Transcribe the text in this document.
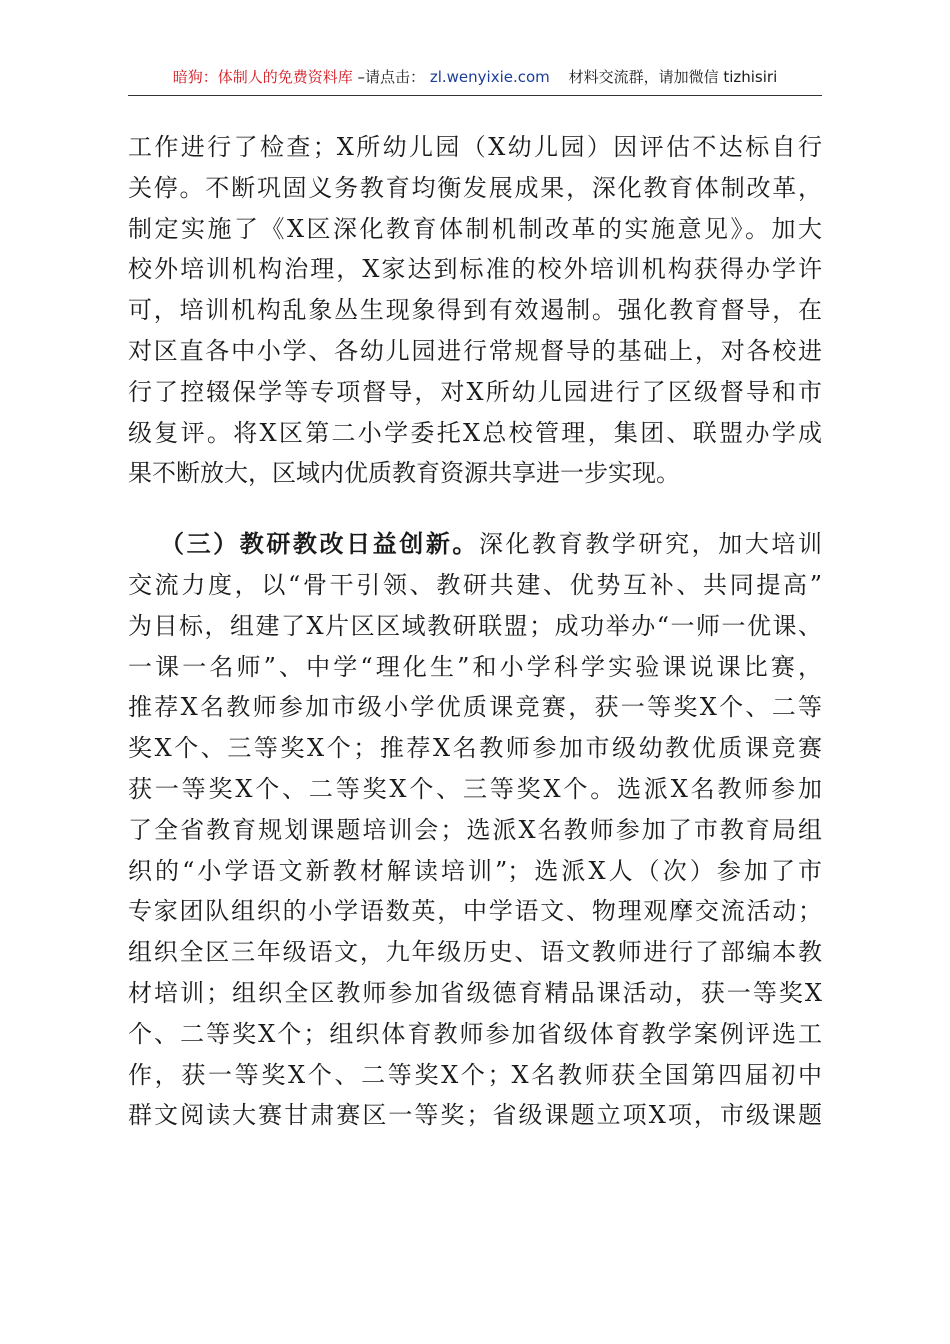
暗狗：体制人的免费资料库 –请点击： zl.wenyixie.com 材料交流群，请加微信 tizhisiri
工作进行了检查；X所幼儿园（X幼儿园）因评估不达标自行
关停。不断巩固义务教育均衡发展成果，深化教育体制改革，
制定实施了《X区深化教育体制机制改革的实施意见》。加大
校外培训机构治理，X家达到标准的校外培训机构获得办学许
可，培训机构乱象丛生现象得到有效遏制。强化教育督导，在
对区直各中小学、各幼儿园进行常规督导的基础上，对各校进
行了控辍保学等专项督导，对X所幼儿园进行了区级督导和市
级复评。将X区第二小学委托X总校管理，集团、联盟办学成
果不断放大，区域内优质教育资源共享进一步实现。
（三）教研教改日益创新。深化教育教学研究，加大培训
交流力度，以“骨干引领、教研共建、优势互补、共同提高”
为目标，组建了X片区区域教研联盟；成功举办“一师一优课、
一课一名师”、中学“理化生”和小学科学实验课说课比赛，
推荐X名教师参加市级小学优质课竞赛，获一等奖X个、二等
奖X个、三等奖X个；推荐X名教师参加市级幼教优质课竞赛
获一等奖X个、二等奖X个、三等奖X个。选派X名教师参加
了全省教育规划课题培训会；选派X名教师参加了市教育局组
织的“小学语文新教材解读培训”；选派X人（次）参加了市
专家团队组织的小学语数英，中学语文、物理观摩交流活动；
组织全区三年级语文，九年级历史、语文教师进行了部编本教
材培训；组织全区教师参加省级德育精品课活动，获一等奖X
个、二等奖X个；组织体育教师参加省级体育教学案例评选工
作，获一等奖X个、二等奖X个；X名教师获全国第四届初中
群文阅读大赛甘肃赛区一等奖；省级课题立项X项，市级课题
